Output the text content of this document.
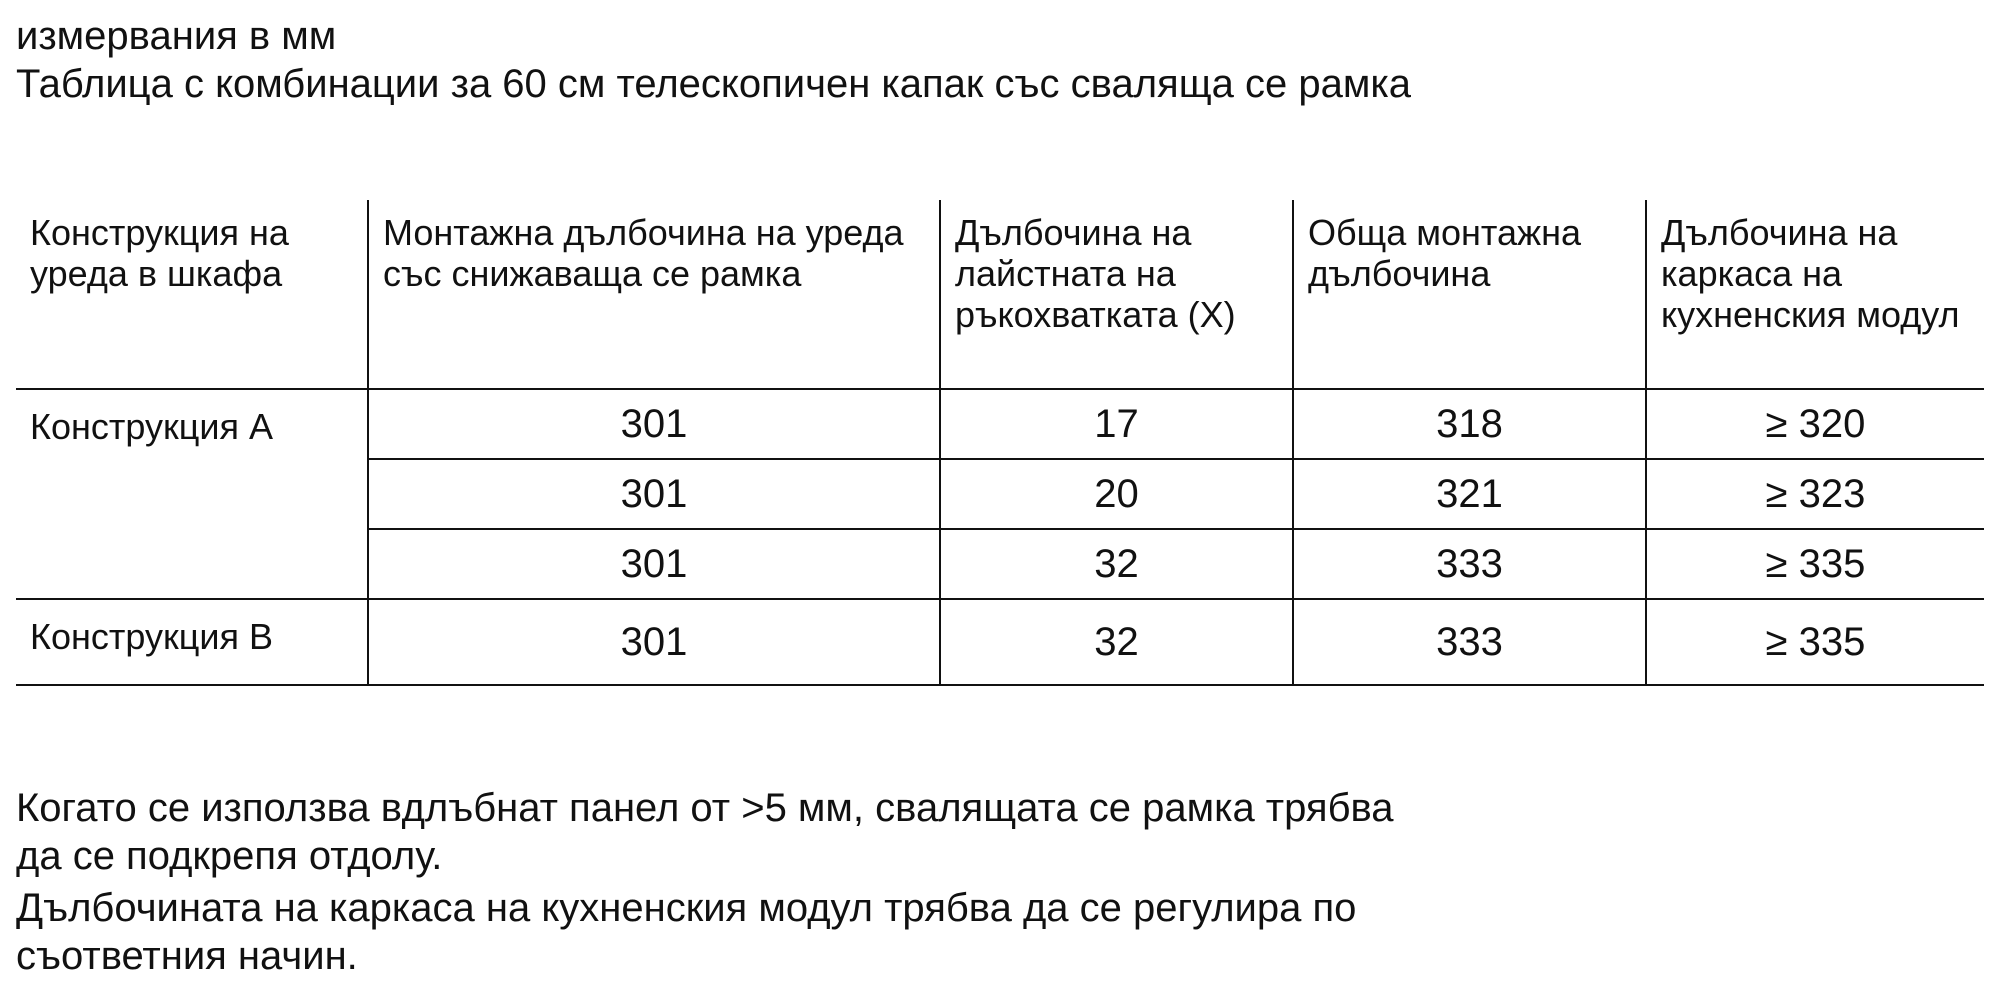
измервания в мм
Таблица с комбинации за 60 см телескопичен капак със сваляща се рамка
Конструкция на уреда в шкафа	Монтажна дълбочина на уреда със снижаваща се рамка	Дълбочина на лайстната на ръкохватката (X)	Обща монтажна дълбочина	Дълбочина на каркаса на кухненския модул
Конструкция A	301	17	318	≥ 320
	301	20	321	≥ 323
	301	32	333	≥ 335
Конструкция B	301	32	333	≥ 335
Когато се използва вдлъбнат панел от >5 мм, свалящата се рамка трябва
да се подкрепя отдолу.
Дълбочината на каркаса на кухненския модул трябва да се регулира по
съответния начин.
